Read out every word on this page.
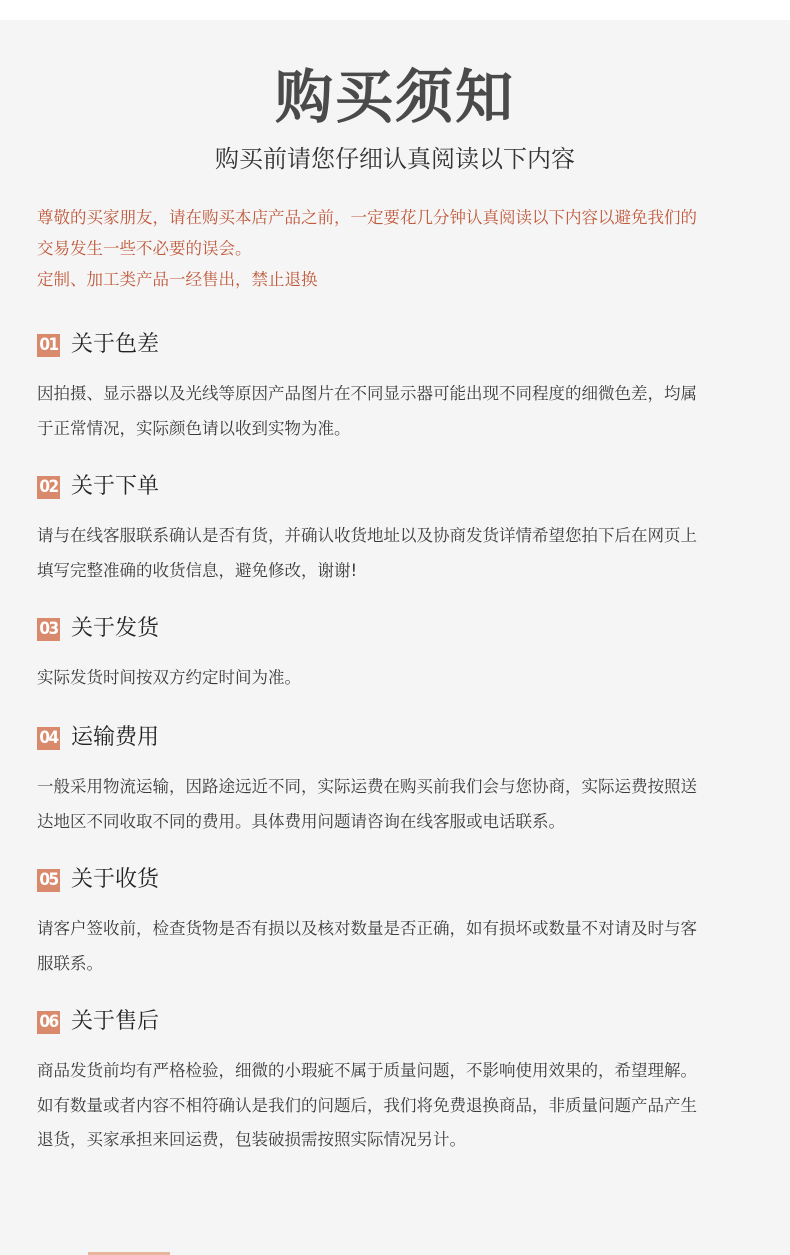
购买须知
购买前请您仔细认真阅读以下内容

尊敬的买家朋友，请在购买本店产品之前，一定要花几分钟认真阅读以下内容以避免我们的

交易发生一些不必要的误会。

定制、加工类产品一经售出，禁止退换

01 关于色差

因拍摄、显示器以及光线等原因产品图片在不同显示器可能出现不同程度的细微色差，均属

于正常情况，实际颜色请以收到实物为准。

02 关于下单

请与在线客服联系确认是否有货，并确认收货地址以及协商发货详情希望您拍下后在网页上

填写完整准确的收货信息，避免修改，谢谢!

03 关于发货

实际发货时间按双方约定时间为准。

04 运输费用

一般采用物流运输，因路途远近不同，实际运费在购买前我们会与您协商，实际运费按照送

达地区不同收取不同的费用。具体费用问题请咨询在线客服或电话联系。

05 关于收货

请客户签收前，检查货物是否有损以及核对数量是否正确，如有损坏或数量不对请及时与客

服联系。

06 关于售后

商品发货前均有严格检验，细微的小瑕疵不属于质量问题，不影响使用效果的，希望理解。

如有数量或者内容不相符确认是我们的问题后，我们将免费退换商品，非质量问题产品产生

退货，买家承担来回运费，包装破损需按照实际情况另计。
